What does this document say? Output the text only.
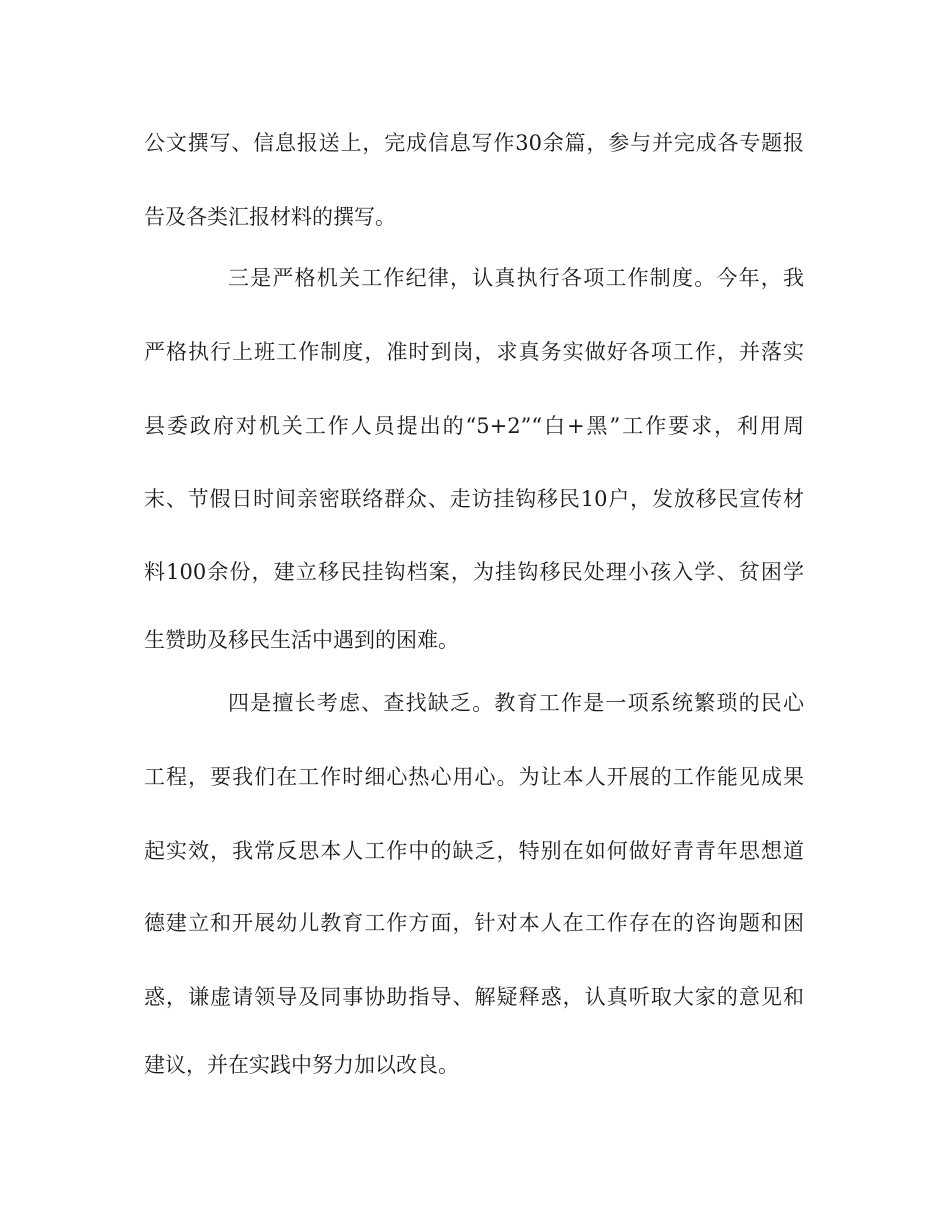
公文撰写、信息报送上，完成信息写作30余篇，参与并完成各专题报
告及各类汇报材料的撰写。
三是严格机关工作纪律，认真执行各项工作制度。今年，我
严格执行上班工作制度，准时到岗，求真务实做好各项工作，并落实
县委政府对机关工作人员提出的“5+2”“白+黑”工作要求，利用周
末、节假日时间亲密联络群众、走访挂钩移民10户，发放移民宣传材
料100余份，建立移民挂钩档案，为挂钩移民处理小孩入学、贫困学
生赞助及移民生活中遇到的困难。
四是擅长考虑、查找缺乏。教育工作是一项系统繁琐的民心
工程，要我们在工作时细心热心用心。为让本人开展的工作能见成果
起实效，我常反思本人工作中的缺乏，特别在如何做好青青年思想道
德建立和开展幼儿教育工作方面，针对本人在工作存在的咨询题和困
惑，谦虚请领导及同事协助指导、解疑释惑，认真听取大家的意见和
建议，并在实践中努力加以改良。
